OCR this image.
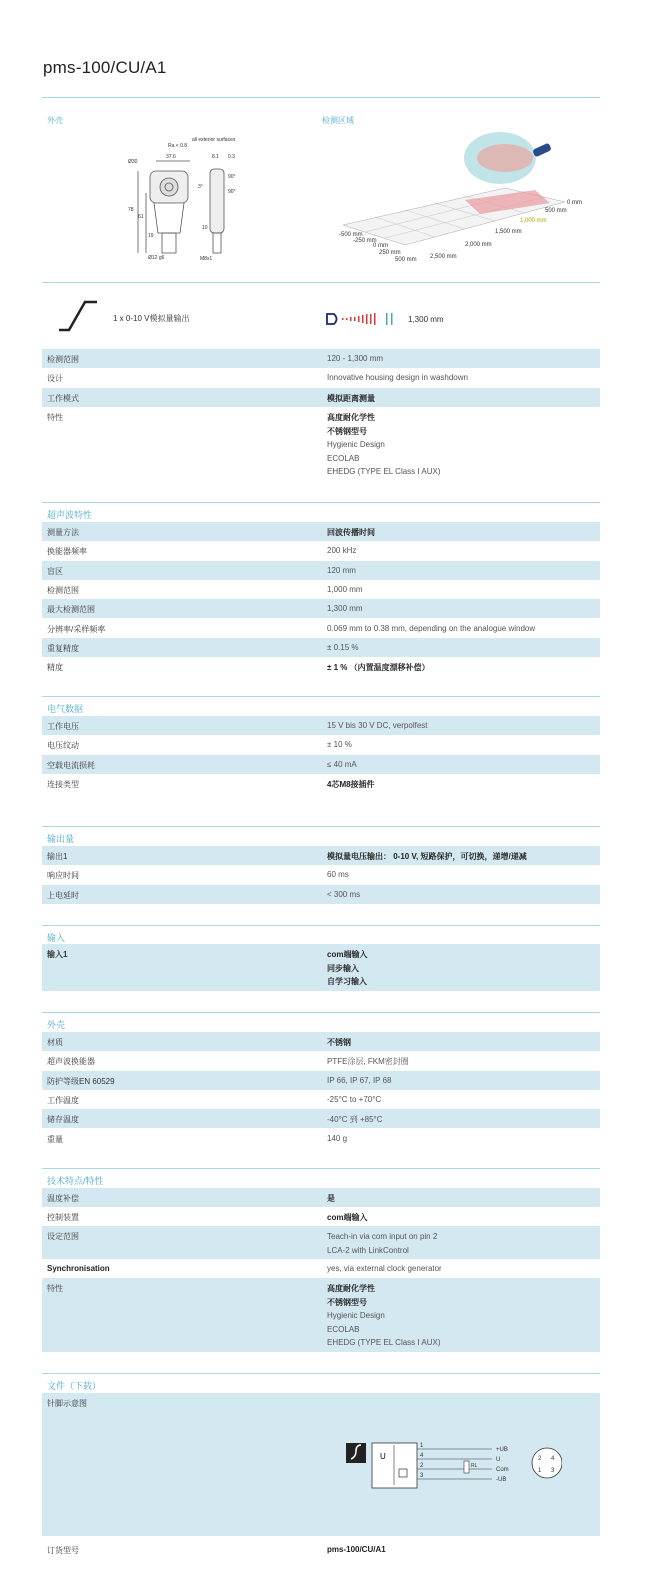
pms-100/CU/A1
外壳	检测区域
Ra < 0.8
all exterior surfaces
37.6	8.1 0.3
Ø30
3°
90°
78
61
19
10
Ø12 g6	M8x1
90°
0 mm
500 mm
1,000 mm
1,500 mm
2,000 mm
2,500 mm
-500 mm
-250 mm
0 mm
250 mm
500 mm
1 x 0-10 V模拟量输出	1,300 mm
检测范围	120 - 1,300 mm
设计	Innovative housing design in washdown
工作模式	模拟距离测量
特性	高度耐化学性
不锈钢型号
Hygienic Design
ECOLAB
EHEDG (TYPE EL Class I AUX)
超声波特性
测量方法	回波传播时间
换能器频率	200 kHz
盲区	120 mm
检测范围	1,000 mm
最大检测范围	1,300 mm
分辨率/采样频率	0.069 mm to 0.38 mm, depending on the analogue window
重复精度	± 0.15 %
精度	± 1 % （内置温度漂移补偿）
电气数据
工作电压	15 V bis 30 V DC, verpolfest
电压纹动	± 10 %
空载电流损耗	≤ 40 mA
连接类型	4芯M8接插件
输出量
输出1	模拟量电压输出： 0-10 V, 短路保护，可切换，递增/递减
响应时间	60 ms
上电延时	< 300 ms
输入
输入1	com端输入
同步输入
自学习输入
外壳
材质	不锈钢
超声波换能器	PTFE涂层, FKM密封圈
防护等级EN 60529	IP 66, IP 67, IP 68
工作温度	-25°C to +70°C
储存温度	-40°C 到 +85°C
重量	140 g
技术特点/特性
温度补偿	是
控制装置	com端输入
设定范围	Teach-in via com input on pin 2
LCA-2 with LinkControl
Synchronisation	yes, via external clock generator
特性	高度耐化学性
不锈钢型号
Hygienic Design
ECOLAB
EHEDG (TYPE EL Class I AUX)
文件（下载）
针脚示意图
U
1
4
2
3
+UB
U
Com
-UB
RL
2 4
1 3
订货型号	pms-100/CU/A1
